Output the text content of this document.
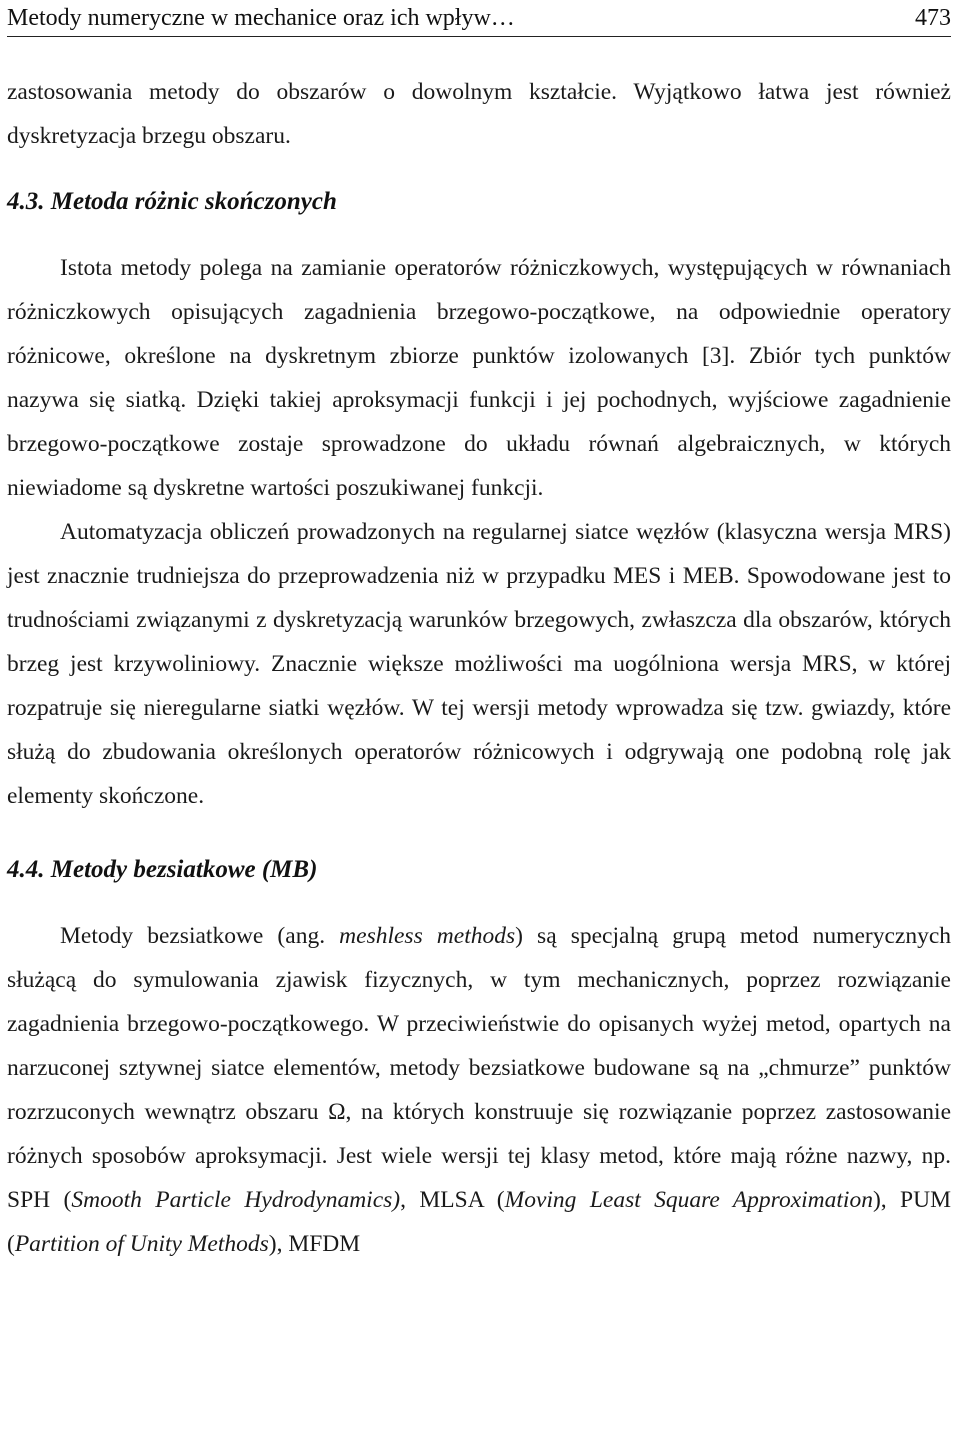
Metody numeryczne w mechanice oraz ich wpływ…	473

zastosowania metody do obszarów o dowolnym kształcie. Wyjątkowo łatwa jest również dyskretyzacja brzegu obszaru.

4.3. Metoda różnic skończonych

Istota metody polega na zamianie operatorów różniczkowych, występujących w równaniach różniczkowych opisujących zagadnienia brzegowo-początkowe, na odpowiednie operatory różnicowe, określone na dyskretnym zbiorze punktów izolowanych [3]. Zbiór tych punktów nazywa się siatką. Dzięki takiej aproksymacji funkcji i jej pochodnych, wyjściowe zagadnienie brzegowo-początkowe zostaje sprowadzone do układu równań algebraicznych, w których niewiadome są dyskretne wartości poszukiwanej funkcji.

Automatyzacja obliczeń prowadzonych na regularnej siatce węzłów (klasyczna wersja MRS) jest znacznie trudniejsza do przeprowadzenia niż w przypadku MES i MEB. Spowodowane jest to trudnościami związanymi z dyskretyzacją warunków brzegowych, zwłaszcza dla obszarów, których brzeg jest krzywoliniowy. Znacznie większe możliwości ma uogólniona wersja MRS, w której rozpatruje się nieregularne siatki węzłów. W tej wersji metody wprowadza się tzw. gwiazdy, które służą do zbudowania określonych operatorów różnicowych i odgrywają one podobną rolę jak elementy skończone.

4.4. Metody bezsiatkowe (MB)

Metody bezsiatkowe (ang. meshless methods) są specjalną grupą metod numerycznych służącą do symulowania zjawisk fizycznych, w tym mechanicznych, poprzez rozwiązanie zagadnienia brzegowo-początkowego. W przeciwieństwie do opisanych wyżej metod, opartych na narzuconej sztywnej siatce elementów, metody bezsiatkowe budowane są na „chmurze” punktów rozrzuconych wewnątrz obszaru Ω, na których konstruuje się rozwiązanie poprzez zastosowanie różnych sposobów aproksymacji. Jest wiele wersji tej klasy metod, które mają różne nazwy, np. SPH (Smooth Particle Hydrodynamics), MLSA (Moving Least Square Approximation), PUM (Partition of Unity Methods), MFDM
